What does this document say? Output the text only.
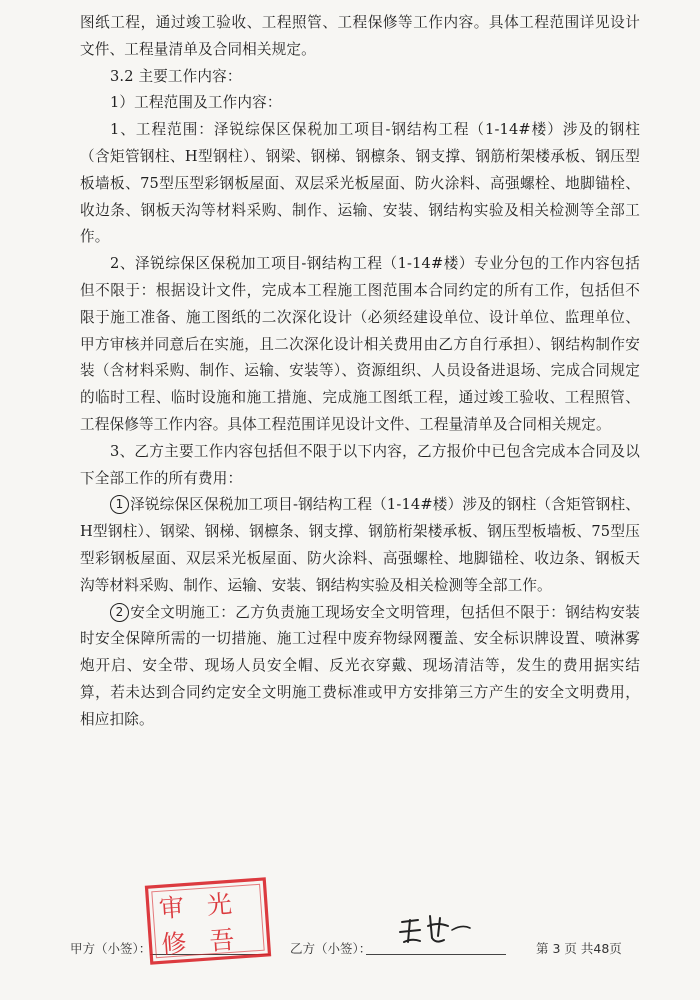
图纸工程，通过竣工验收、工程照管、工程保修等工作内容。具体工程范围详见设计文件、工程量清单及合同相关规定。

3.2 主要工作内容：

1）工程范围及工作内容：

1、工程范围：泽锐综保区保税加工项目-钢结构工程（1-14#楼）涉及的钢柱（含矩管钢柱、H型钢柱）、钢梁、钢梯、钢檩条、钢支撑、钢筋桁架楼承板、钢压型板墙板、75型压型彩钢板屋面、双层采光板屋面、防火涂料、高强螺栓、地脚锚栓、收边条、钢板天沟等材料采购、制作、运输、安装、钢结构实验及相关检测等全部工作。

2、泽锐综保区保税加工项目-钢结构工程（1-14#楼）专业分包的工作内容包括但不限于：根据设计文件，完成本工程施工图范围本合同约定的所有工作，包括但不限于施工准备、施工图纸的二次深化设计（必须经建设单位、设计单位、监理单位、甲方审核并同意后在实施，且二次深化设计相关费用由乙方自行承担）、钢结构制作安装（含材料采购、制作、运输、安装等）、资源组织、人员设备进退场、完成合同规定的临时工程、临时设施和施工措施、完成施工图纸工程，通过竣工验收、工程照管、工程保修等工作内容。具体工程范围详见设计文件、工程量清单及合同相关规定。

3、乙方主要工作内容包括但不限于以下内容，乙方报价中已包含完成本合同及以下全部工作的所有费用：

1 泽锐综保区保税加工项目-钢结构工程（1-14#楼）涉及的钢柱（含矩管钢柱、H型钢柱）、钢梁、钢梯、钢檩条、钢支撑、钢筋桁架楼承板、钢压型板墙板、75型压型彩钢板屋面、双层采光板屋面、防火涂料、高强螺栓、地脚锚栓、收边条、钢板天沟等材料采购、制作、运输、安装、钢结构实验及相关检测等全部工作。

2 安全文明施工：乙方负责施工现场安全文明管理，包括但不限于：钢结构安装时安全保障所需的一切措施、施工过程中废弃物绿网覆盖、安全标识牌设置、喷淋雾炮开启、安全带、现场人员安全帽、反光衣穿戴、现场清洁等，发生的费用据实结算，若未达到合同约定安全文明施工费标准或甲方安排第三方产生的安全文明费用，相应扣除。

甲方（小签）：	乙方（小签）：	第 3 页 共48页
审 光
修 吾
